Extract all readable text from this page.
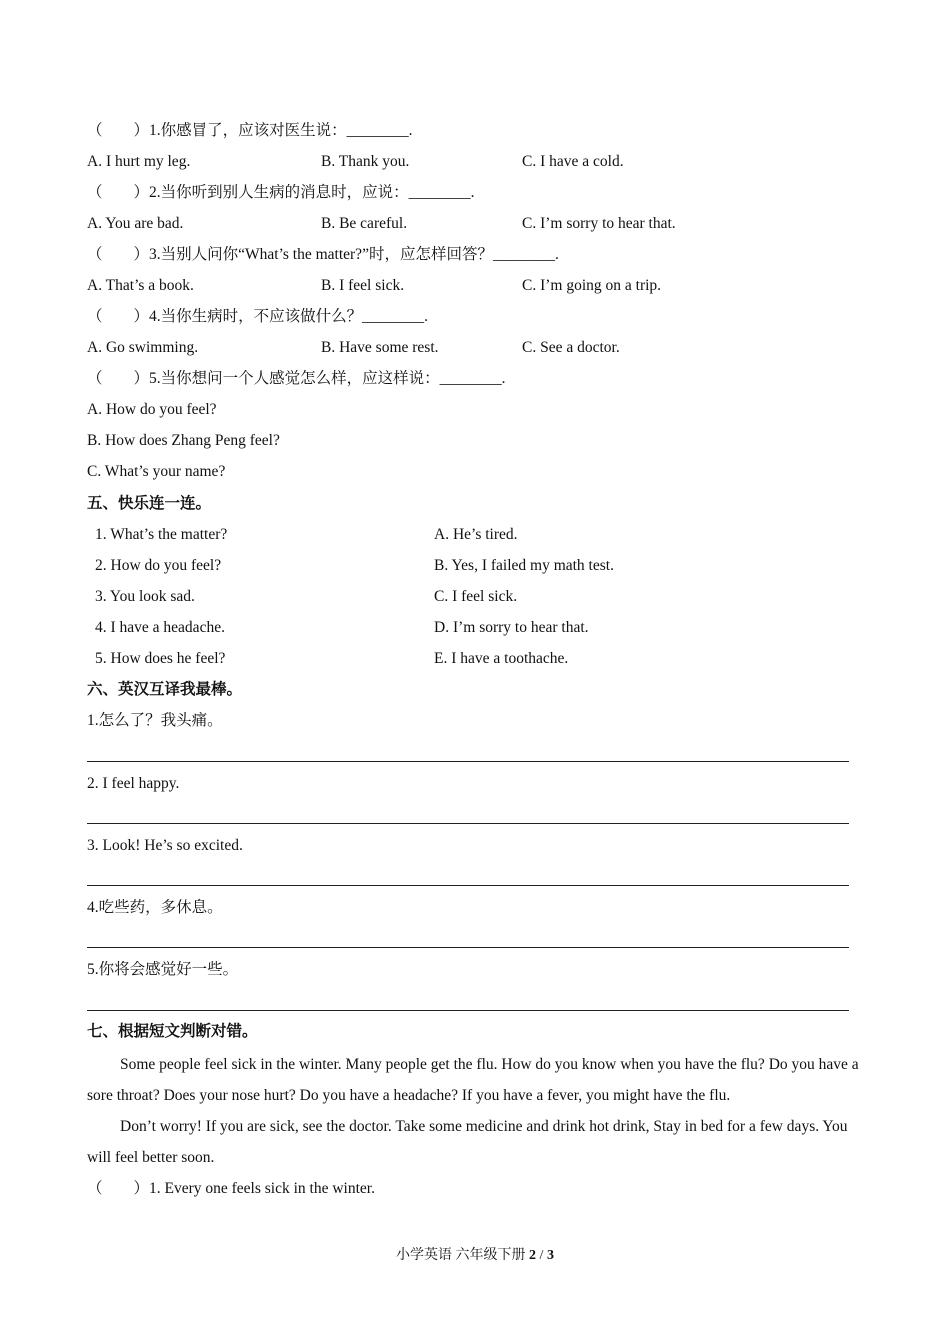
（　　）1.你感冒了，应该对医生说：________.
A. I hurt my leg.	B. Thank you.	C. I have a cold.
（　　）2.当你听到别人生病的消息时，应说：________.
A. You are bad.	B. Be careful.	C. I’m sorry to hear that.
（　　）3.当别人问你“What’s the matter?”时，应怎样回答？________.
A. That’s a book.	B. I feel sick.	C. I’m going on a trip.
（　　）4.当你生病时，不应该做什么？________.
A. Go swimming.	B. Have some rest.	C. See a doctor.
（　　）5.当你想问一个人感觉怎么样，应这样说：________.
A. How do you feel?
B. How does Zhang Peng feel?
C. What’s your name?
五、快乐连一连。
1. What’s the matter?	A. He’s tired.
2. How do you feel?	B. Yes, I failed my math test.
3. You look sad.	C. I feel sick.
4. I have a headache.	D. I’m sorry to hear that.
5. How does he feel?	E. I have a toothache.
六、英汉互译我最棒。
1.怎么了？我头痛。
2. I feel happy.
3. Look! He’s so excited.
4.吃些药，多休息。
5.你将会感觉好一些。
七、根据短文判断对错。
Some people feel sick in the winter. Many people get the flu. How do you know when you have the flu? Do you have a sore throat? Does your nose hurt? Do you have a headache? If you have a fever, you might have the flu.
Don’t worry! If you are sick, see the doctor. Take some medicine and drink hot drink, Stay in bed for a few days. You will feel better soon.
（　　）1. Every one feels sick in the winter.
小学英语 六年级下册 2 / 3
